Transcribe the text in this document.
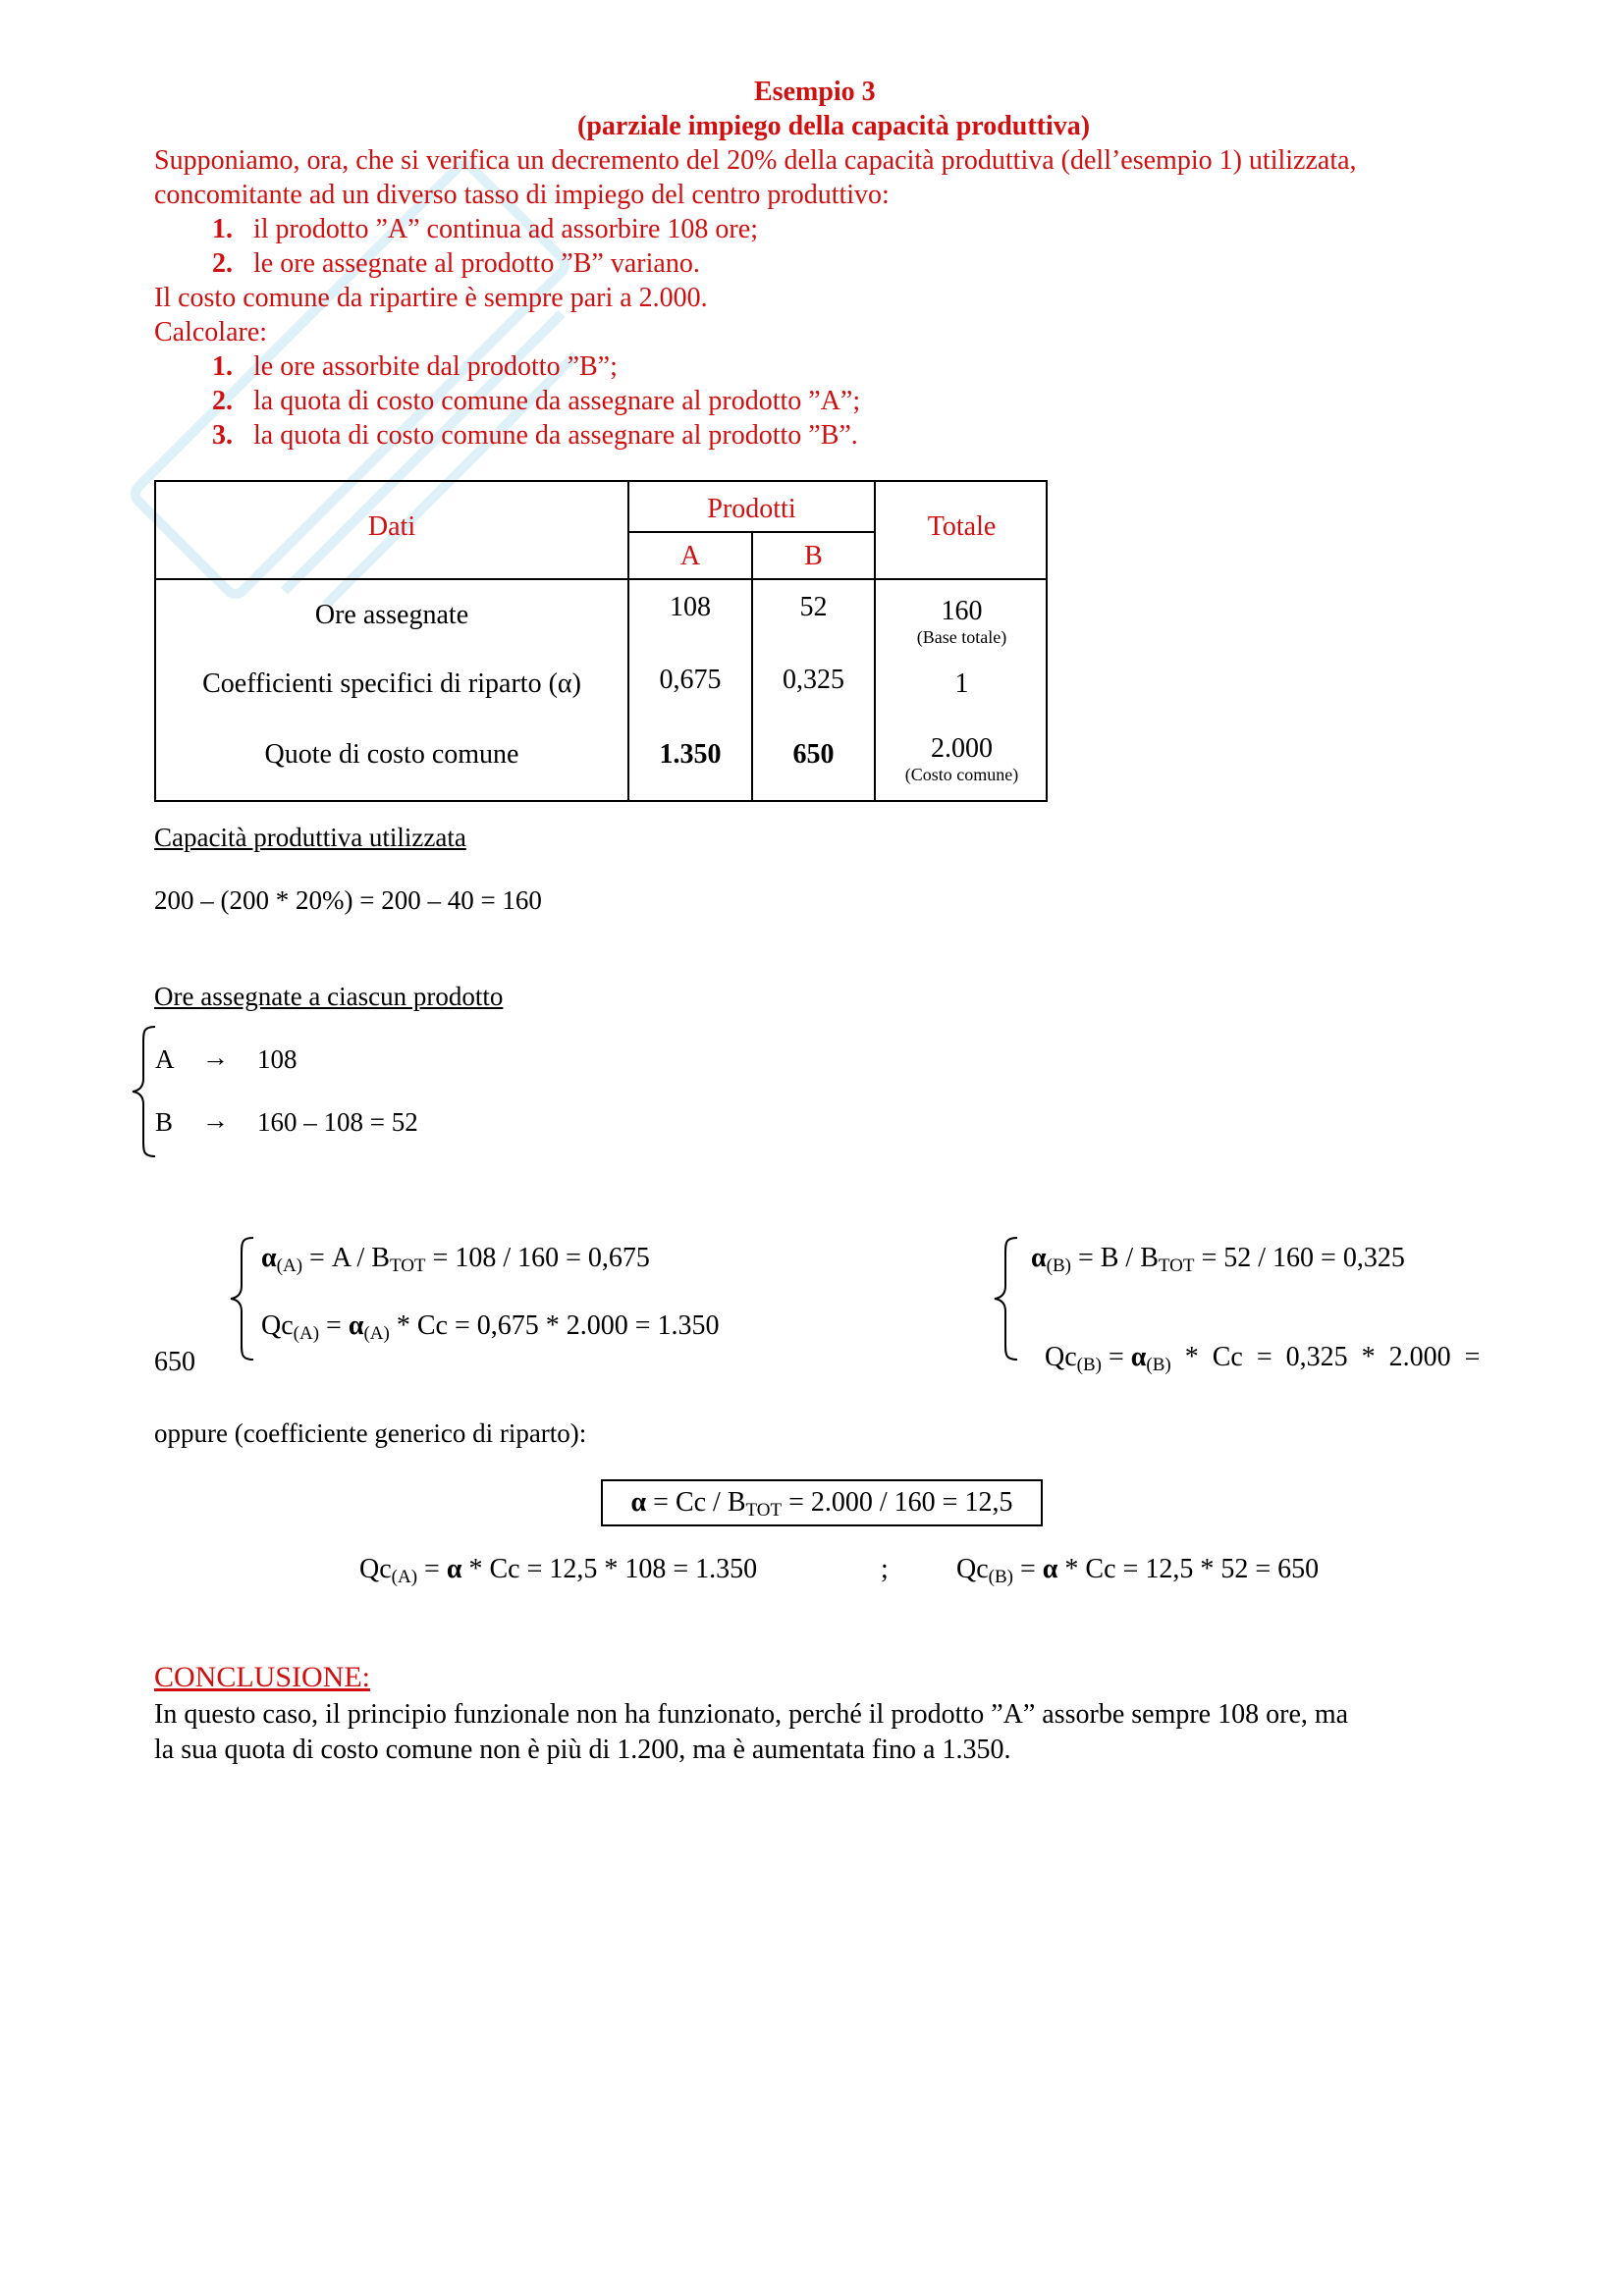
Esempio 3
(parziale impiego della capacità produttiva)
Supponiamo, ora, che si verifica un decremento del 20% della capacità produttiva (dell’esempio 1) utilizzata,
concomitante ad un diverso tasso di impiego del centro produttivo:
1. il prodotto ”A” continua ad assorbire 108 ore;
2. le ore assegnate al prodotto ”B” variano.
Il costo comune da ripartire è sempre pari a 2.000.
Calcolare:
1. le ore assorbite dal prodotto ”B”;
2. la quota di costo comune da assegnare al prodotto ”A”;
3. la quota di costo comune da assegnare al prodotto ”B”.
Dati
Prodotti
A	B
Totale
Ore assegnate	108	52	160
(Base totale)
Coefficienti specifici di riparto (α)	0,675	0,325	1
Quote di costo comune	1.350	650	2.000
(Costo comune)
Capacità produttiva utilizzata
200 – (200 * 20%) = 200 – 40 = 160
Ore assegnate a ciascun prodotto
A → 108
B → 160 – 108 = 52
$\alpha_{(A)} = A / B_{TOT} = 108 / 160 = 0,675$
$Qc_{(A)} = \alpha_{(A)} * Cc = 0,675 * 2.000 = 1.350$
650
$\alpha_{(B)} = B / B_{TOT} = 52 / 160 = 0,325$

$Qc_{(B)} = \alpha_{(B)} * Cc = 0,325 * 2.000$  =

oppure (coefficiente generico di riparto):
$\alpha = Cc / B_{TOT} = 2.000 / 160 = 12,5$
$Qc_{(A)} = \alpha * Cc = 12,5 * 108 = 1.350$	; $Qc_{(B)} = \alpha * Cc = 12,5 * 52 = 650$
CONCLUSIONE:
In questo caso, il principio funzionale non ha funzionato, perché il prodotto ”A” assorbe sempre 108 ore, ma
la sua quota di costo comune non è più di 1.200, ma è aumentata fino a 1.350.
